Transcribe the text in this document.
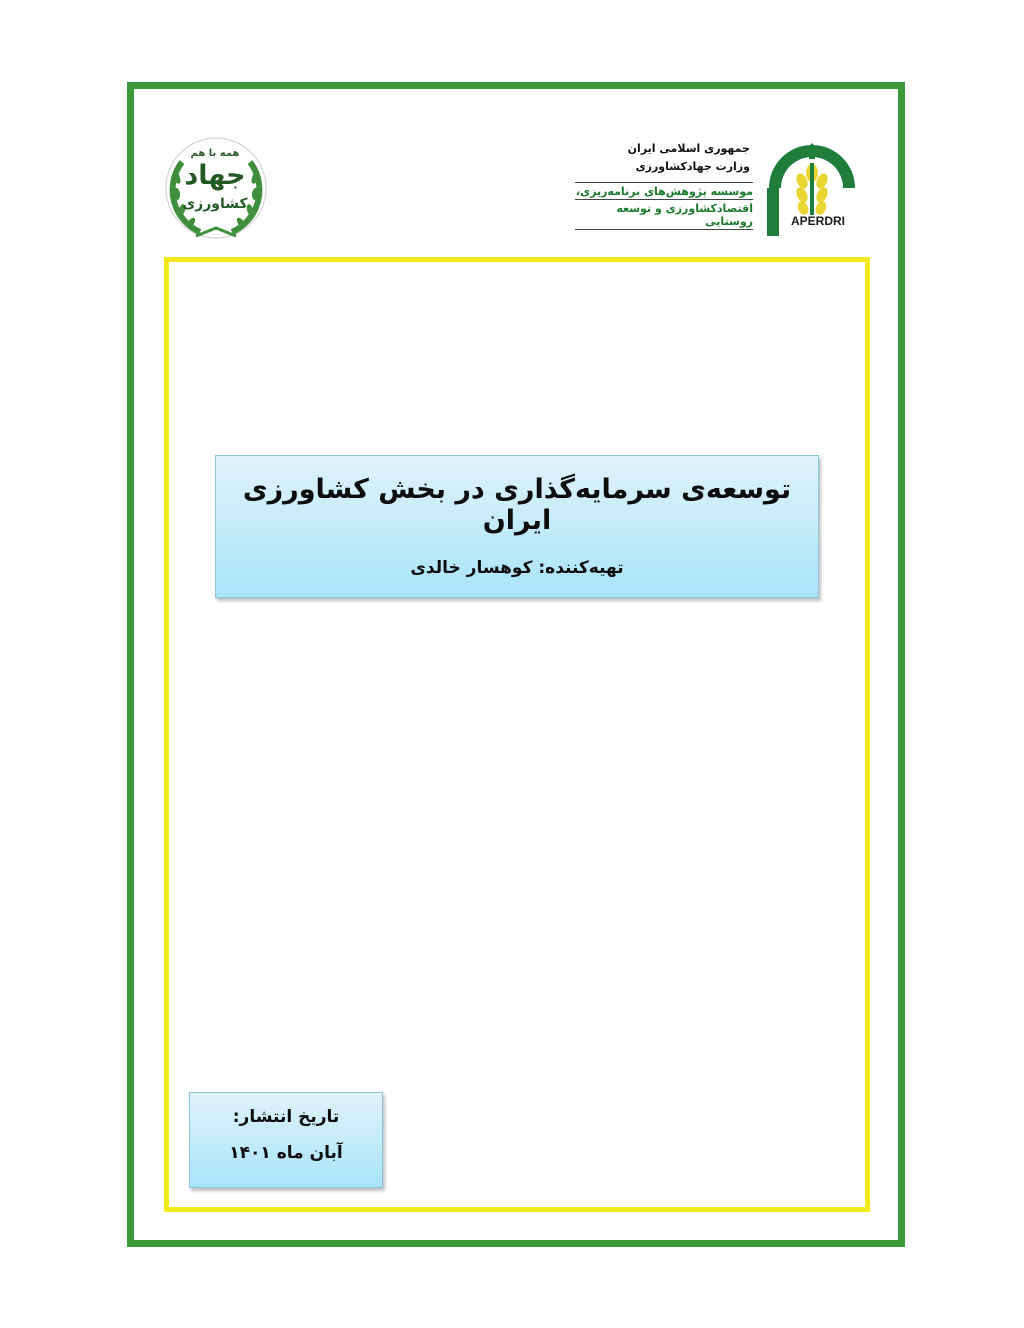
APERDRI
جمهوری اسلامی ایران
وزارت جهادکشاورزی
موسسه پژوهش‌های برنامه‌ریزی،
اقتصادکشاورزی و توسعه روستایی
همه با هم
جهاد
کشاورزی
توسعه‌ی سرمایه‌گذاری در بخش کشاورزی ایران
تهیه‌کننده: کوهسار خالدی
تاریخ انتشار:
آبان ماه ۱۴۰۱
